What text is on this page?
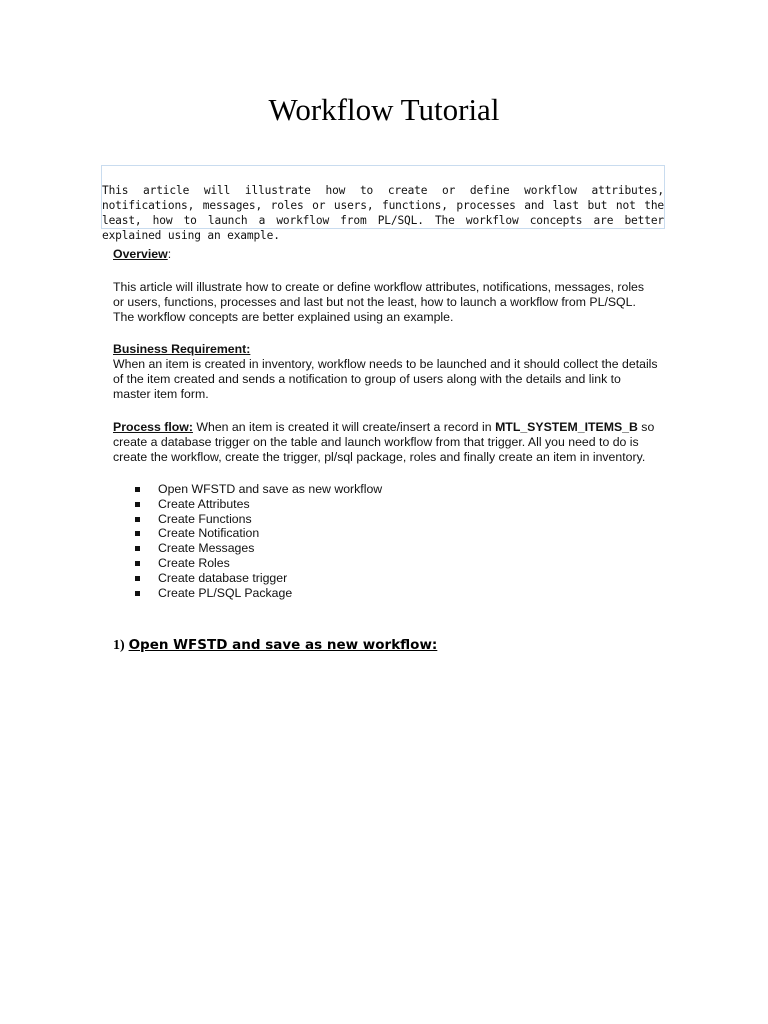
Workflow Tutorial

This article will illustrate how to create or define workflow attributes, notifications, messages, roles or users, functions, processes and last but not the least, how to launch a workflow from PL/SQL. The workflow concepts are better explained using an example.

Overview:

This article will illustrate how to create or define workflow attributes, notifications, messages, roles or users, functions, processes and last but not the least, how to launch a workflow from PL/SQL. The workflow concepts are better explained using an example.

Business Requirement:

When an item is created in inventory, workflow needs to be launched and it should collect the details of the item created and sends a notification to group of users along with the details and link to master item form.

Process flow: When an item is created it will create/insert a record in MTL_SYSTEM_ITEMS_B so create a database trigger on the table and launch workflow from that trigger. All you need to do is create the workflow, create the trigger, pl/sql package, roles and finally create an item in inventory.

Open WFSTD and save as new workflow
Create Attributes
Create Functions
Create Notification
Create Messages
Create Roles
Create database trigger
Create PL/SQL Package
1) Open WFSTD and save as new workflow:
